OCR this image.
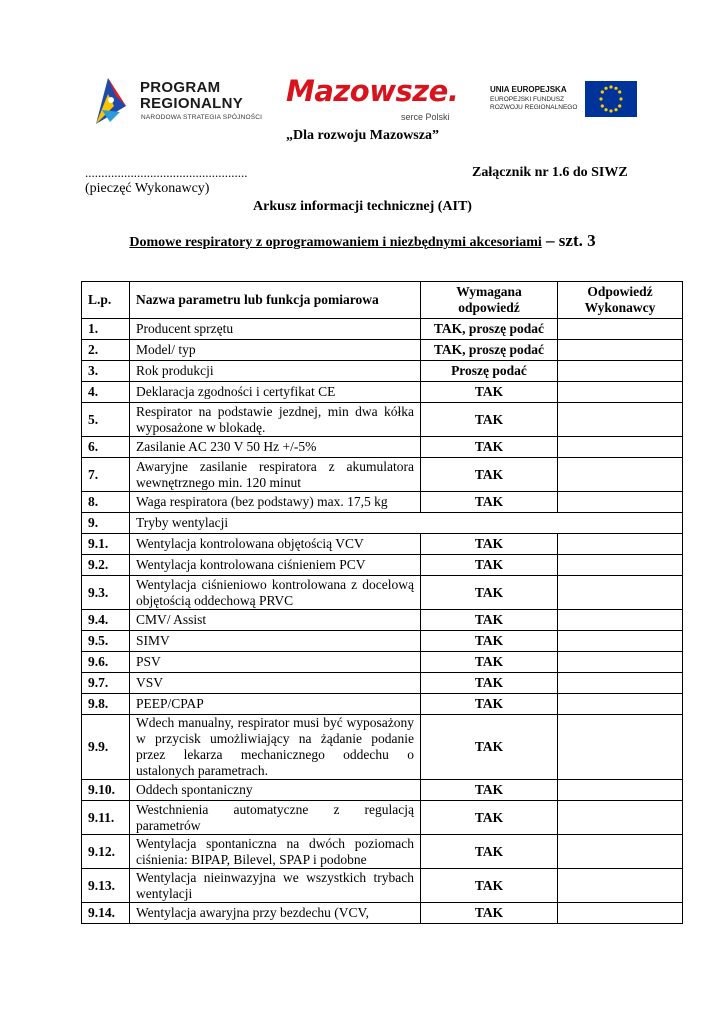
PROGRAM
REGIONALNY
NARODOWA STRATEGIA SPÓJNOŚCI
Mazowsze.
serce Polski
UNIA EUROPEJSKA
EUROPEJSKI FUNDUSZ
ROZWOJU REGIONALNEGO
„Dla rozwoju Mazowsza”
..................................................	Załącznik nr 1.6 do SIWZ
(pieczęć Wykonawcy)
Arkusz informacji technicznej (AIT)
Domowe respiratory z oprogramowaniem i niezbędnymi akcesoriami – szt. 3
L.p.	Nazwa parametru lub funkcja pomiarowa	Wymagana odpowiedź	Odpowiedź Wykonawcy
1.	Producent sprzętu	TAK, proszę podać	
2.	Model/ typ	TAK, proszę podać	
3.	Rok produkcji	Proszę podać	
4.	Deklaracja zgodności i certyfikat CE	TAK	
5.	Respirator na podstawie jezdnej, min dwa kółka wyposażone w blokadę.	TAK	
6.	Zasilanie AC 230 V 50 Hz +/-5%	TAK	
7.	Awaryjne zasilanie respiratora z akumulatora wewnętrznego min. 120 minut	TAK	
8.	Waga respiratora (bez podstawy) max. 17,5 kg	TAK	
9.	Tryby wentylacji		
9.1.	Wentylacja kontrolowana objętością VCV	TAK	
9.2.	Wentylacja kontrolowana ciśnieniem PCV	TAK	
9.3.	Wentylacja ciśnieniowo kontrolowana z docelową objętością oddechową PRVC	TAK	
9.4.	CMV/ Assist	TAK	
9.5.	SIMV	TAK	
9.6.	PSV	TAK	
9.7.	VSV	TAK	
9.8.	PEEP/CPAP	TAK	
9.9.	Wdech manualny, respirator musi być wyposażony w przycisk umożliwiający na żądanie podanie przez lekarza mechanicznego oddechu o ustalonych parametrach.	TAK	
9.10.	Oddech spontaniczny	TAK	
9.11.	Westchnienia automatyczne z regulacją parametrów	TAK	
9.12.	Wentylacja spontaniczna na dwóch poziomach ciśnienia: BIPAP, Bilevel, SPAP i podobne	TAK	
9.13.	Wentylacja nieinwazyjna we wszystkich trybach wentylacji	TAK	
9.14.	Wentylacja awaryjna przy bezdechu (VCV,	TAK	
